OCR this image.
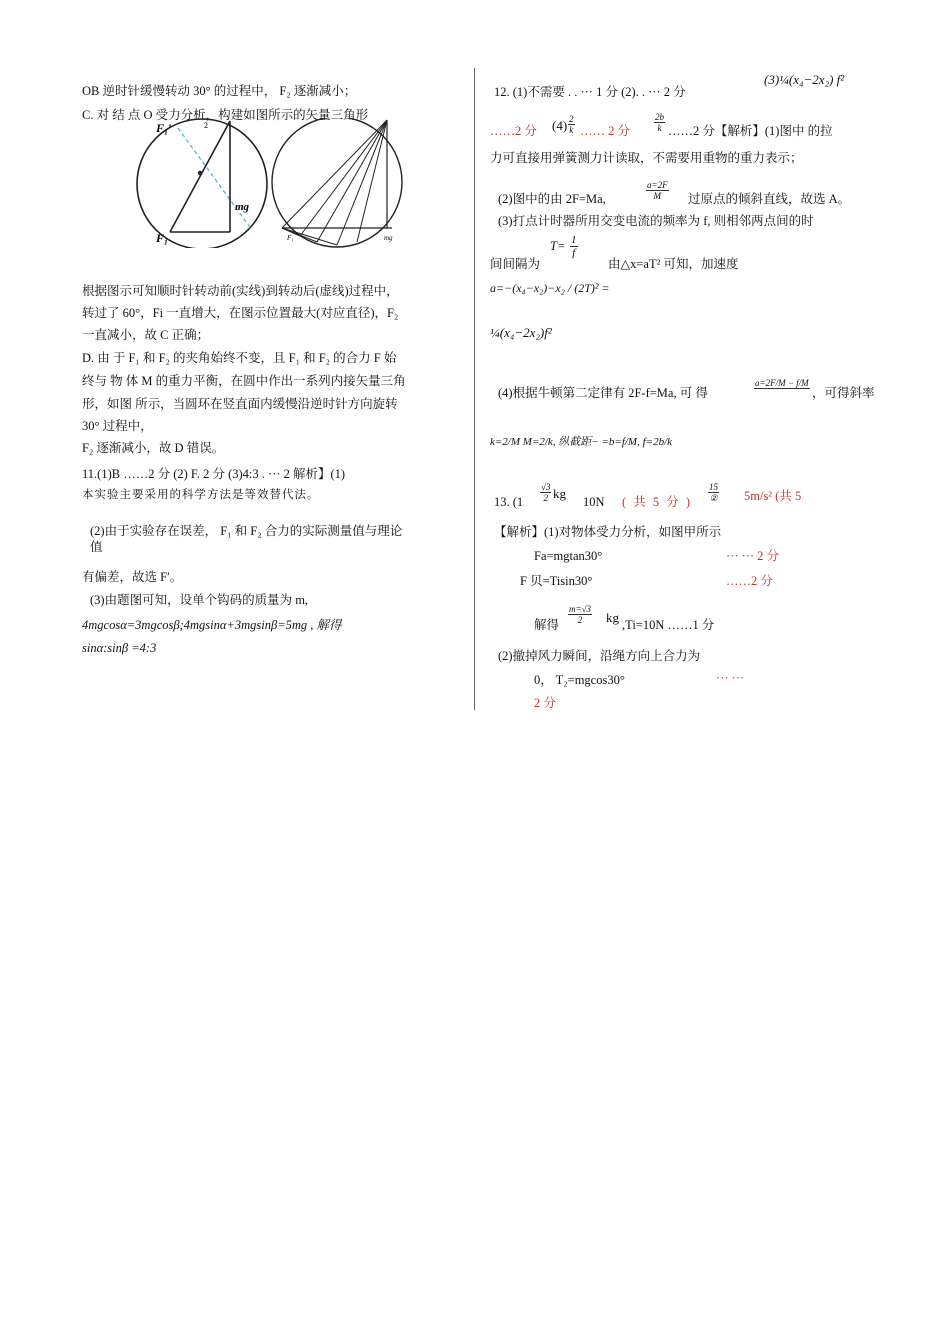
OB 逆时针缓慢转动 30° 的过程中， F₂ 逐渐减小；
C. 对 结 点 O 受力分析，构建如图所示的矢量三角形
F₁′	2
mg
F₁	F₁	mg
根据图示可知顺时针转动前(实线)到转动后(虚线)过程中，
转过了 60°，Fi 一直增大，在图示位置最大(对应直径)，F₂
一直减小，故 C 正确；
D. 由 于 F₁ 和 F₂ 的夹角始终不变，且 F₁ 和 F₂ 的合力 F 始
终与 物 体 M 的重力平衡，在圆中作出一系列内接矢量三角
形，如图 所示，当圆环在竖直面内缓慢沿逆时针方向旋转
30° 过程中，
F₂ 逐渐减小，故 D 错误。
11.(1)B ……2 分 (2) F. 2 分 (3)4:3 . ··· 2 解析】(1)
本实验主要采用的科学方法是等效替代法。
(2)由于实验存在误差， F₁ 和 F₂ 合力的实际测量值与理论
值
有偏差，故选 F′。
(3)由题图可知，设单个钩码的质量为 m,
4mgcosα=3mgcosβ;4mgsinα+3mgsinβ=5mg , 解得
sinα:sinβ =4:3
12. (1)不需要 . . ··· 1 分 (2). . ··· 2 分
(3)¼(x₄−2x₂) f²
……2 分 $(4) \frac{2}{k}$ …… 2 分	$\frac{2b}{k}$ ……2 分【解析】(1)图中 的拉
力可直接用弹簧测力计读取，不需要用重物的重力表示；
(2)图中的由 2F=Ma,	$\frac{a=2F}{M}$ 过原点的倾斜直线，故选 A。
(3)打点计时器所用交变电流的频率为 f, 则相邻两点间的时
$T= \frac{1}{f}$
间间隔为	由△x=aT² 可知，加速度
a=−(x₄−x₂)−x₂ / (2T)² =
¼(x₄−2x₂)f²
(4)根据牛顿第二定律有 2F-f=Ma, 可 得
a=2F/M − f/M

，可得斜率
k=2/M M=2/k, 纵截距− =b=f/M, f=2b/k
13. ($1 \frac{√3}{2}$ kg
10N ( 共 5 分 )
15
② 5m/s² (共 5
【解析】(1)对物体受力分析，如图甲所示
Fa=mgtan30°	··· ··· 2 分
F 贝=Tisin30°	……2 分
解得 $\frac{m=√3}{2}$ kg ,Ti=10N ……1 分
(2)撤掉风力瞬间，沿绳方向上合力为
0， T₂=mgcos30°	··· ···
2 分
